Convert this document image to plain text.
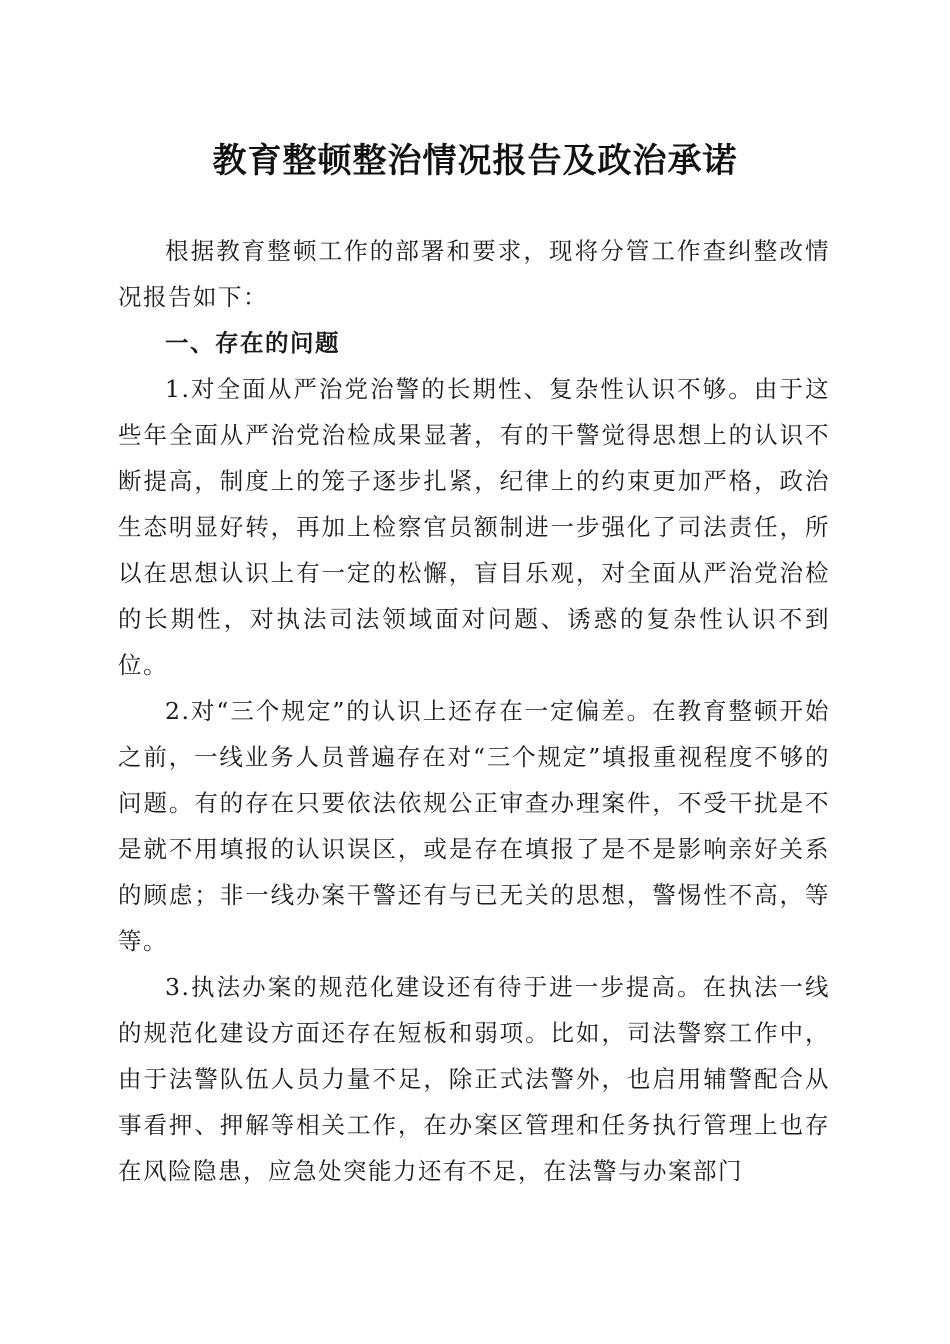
教育整顿整治情况报告及政治承诺

根据教育整顿工作的部署和要求，现将分管工作查纠整改情况报告如下：

一、存在的问题

1.对全面从严治党治警的长期性、复杂性认识不够。由于这些年全面从严治党治检成果显著，有的干警觉得思想上的认识不断提高，制度上的笼子逐步扎紧，纪律上的约束更加严格，政治生态明显好转，再加上检察官员额制进一步强化了司法责任，所以在思想认识上有一定的松懈，盲目乐观，对全面从严治党治检的长期性，对执法司法领域面对问题、诱惑的复杂性认识不到位。

2.对“三个规定”的认识上还存在一定偏差。在教育整顿开始之前，一线业务人员普遍存在对“三个规定”填报重视程度不够的问题。有的存在只要依法依规公正审查办理案件，不受干扰是不是就不用填报的认识误区，或是存在填报了是不是影响亲好关系的顾虑；非一线办案干警还有与已无关的思想，警惕性不高，等等。

3.执法办案的规范化建设还有待于进一步提高。在执法一线的规范化建设方面还存在短板和弱项。比如，司法警察工作中，由于法警队伍人员力量不足，除正式法警外，也启用辅警配合从事看押、押解等相关工作，在办案区管理和任务执行管理上也存在风险隐患，应急处突能力还有不足，在法警与办案部门
